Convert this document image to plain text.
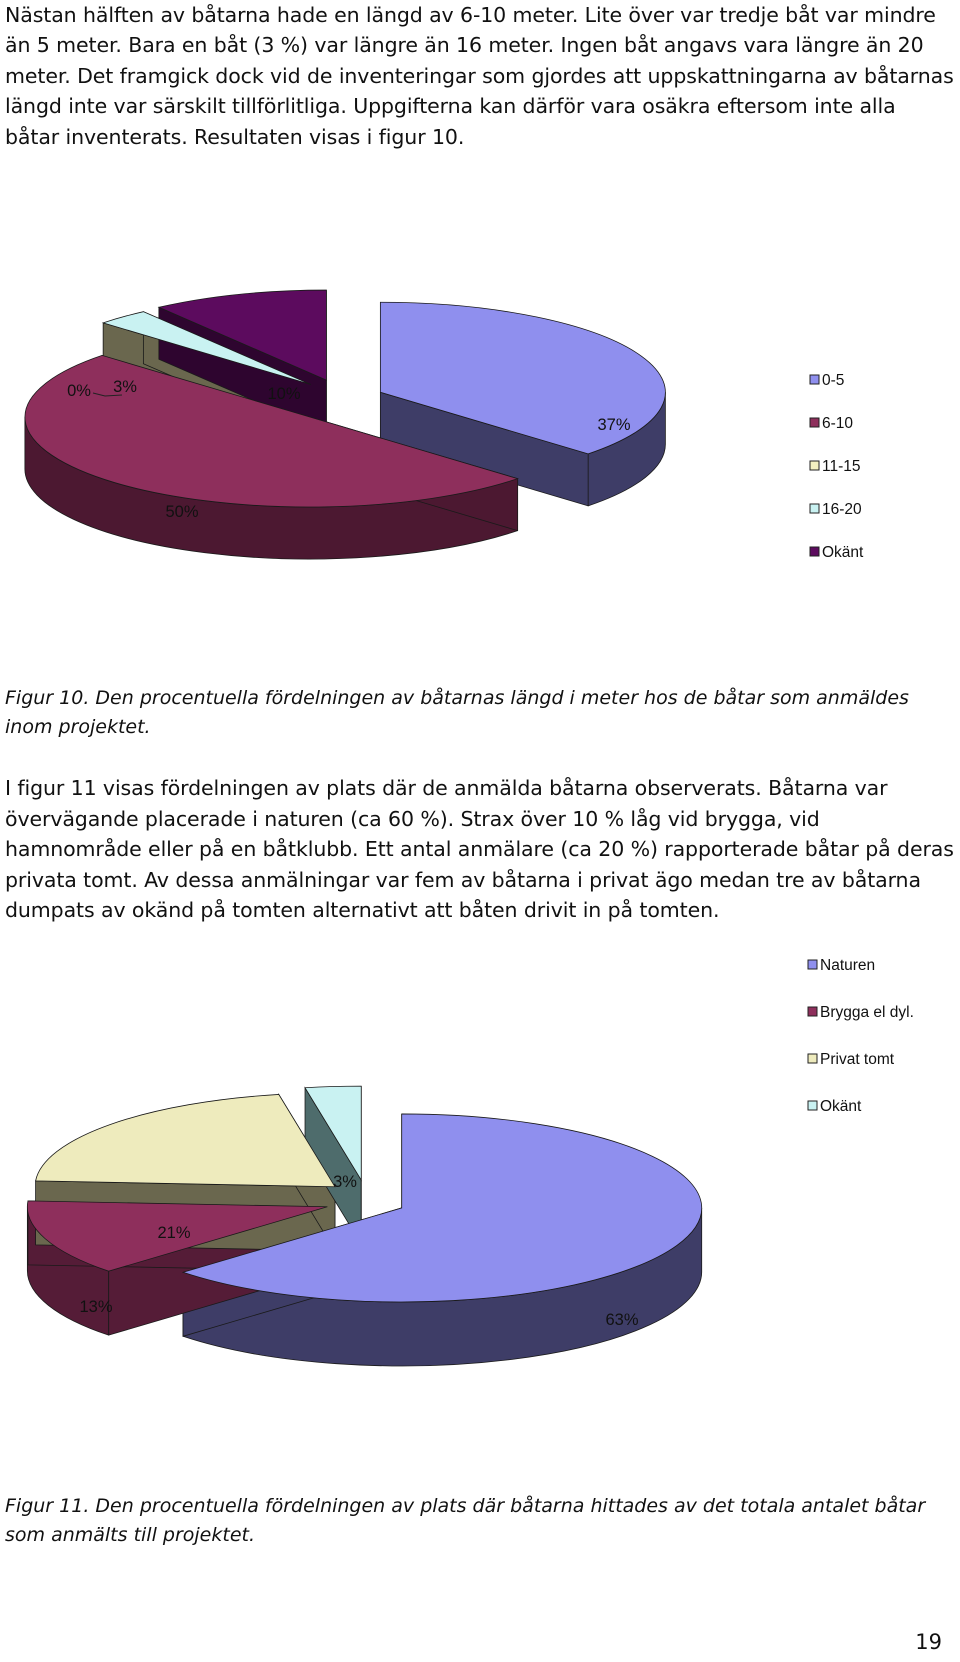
Nästan hälften av båtarna hade en längd av 6-10 meter. Lite över var tredje båt var mindre än 5 meter. Bara en båt (3 %) var längre än 16 meter. Ingen båt angavs vara längre än 20 meter. Det framgick dock vid de inventeringar som gjordes att uppskattningarna av båtarnas längd inte var särskilt tillförlitliga. Uppgifterna kan därför vara osäkra eftersom inte alla båtar inventerats. Resultaten visas i figur 10.

37%
50%
0% 3%	10%
0-5
6-10
11-15
16-20
Okänt

Figur 10. Den procentuella fördelningen av båtarnas längd i meter hos de båtar som anmäldes inom projektet.

I figur 11 visas fördelningen av plats där de anmälda båtarna observerats. Båtarna var övervägande placerade i naturen (ca 60 %). Strax över 10 % låg vid brygga, vid hamnområde eller på en båtklubb. Ett antal anmälare (ca 20 %) rapporterade båtar på deras privata tomt. Av dessa anmälningar var fem av båtarna i privat ägo medan tre av båtarna dumpats av okänd på tomten alternativt att båten drivit in på tomten.

63%
13%
21%
3%
Naturen
Brygga el dyl.
Privat tomt
Okänt

Figur 11. Den procentuella fördelningen av plats där båtarna hittades av det totala antalet båtar som anmälts till projektet.

19
